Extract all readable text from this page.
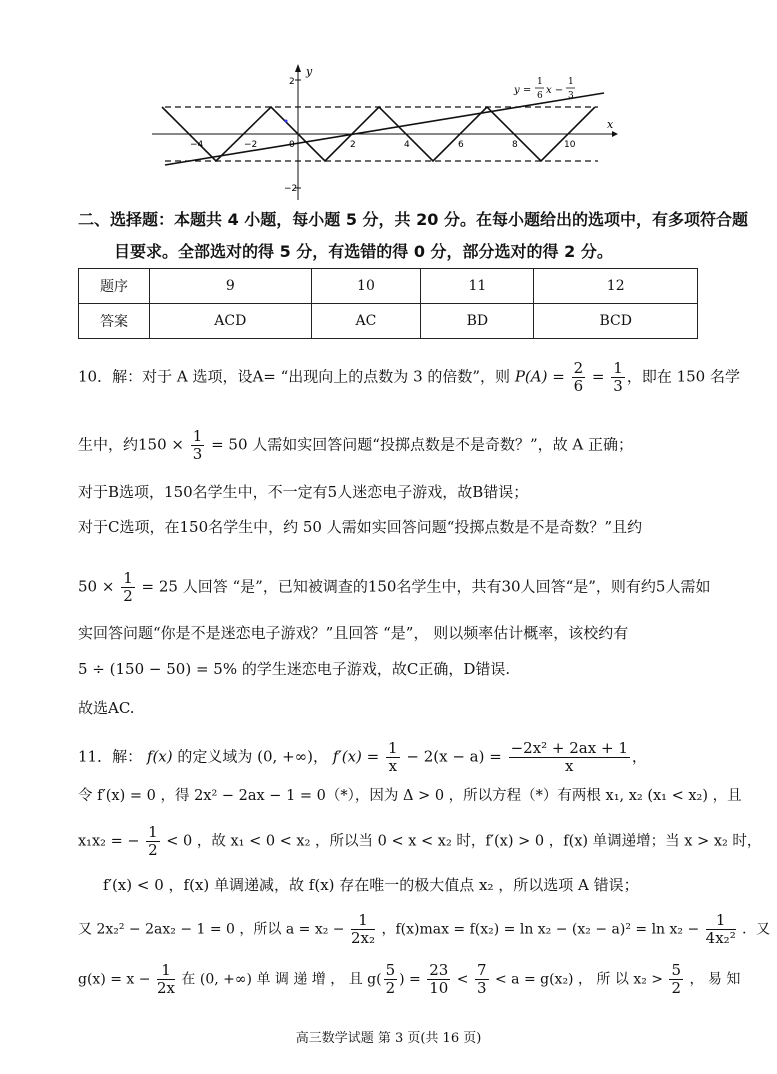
2
−2
y
x
−4	−2	0	2	4	6	8	10
y =
1
6 x −
1
3
二、选择题：本题共 4 小题，每小题 5 分，共 20 分。在每小题给出的选项中，有多项符合题
目要求。全部选对的得 5 分，有选错的得 0 分，部分选对的得 2 分。
题序	9	10	11	12
答案	ACD	AC	BD	BCD
10．解：对于 A 选项，设A= “出现向上的点数为 3 的倍数”，则 $P(A) = \frac{2}{6} = \frac{1}{3}$ ，即在 150 名学
生中，约$150 \times \frac{1}{3} = 50$ 人需如实回答问题“投掷点数是不是奇数？”，故 A 正确；
对于B选项，150名学生中，不一定有5人迷恋电子游戏，故B错误；
对于C选项，在150名学生中，约 50 人需如实回答问题“投掷点数是不是奇数？”且约
$50 \times \frac{1}{2} = 25$ 人回答 “是”，已知被调查的150名学生中，共有30人回答“是”，则有约5人需如
实回答问题“你是不是迷恋电子游戏？”且回答 “是”， 则以频率估计概率，该校约有
5 ÷ (150 − 50) = 5% 的学生迷恋电子游戏，故C正确，D错误.
故选AC.
11．解： f(x) 的定义域为 (0, +∞)， $f'(x) = \frac{1}{x} - 2(x - a) = \frac{\text{−2x² + 2ax + 1}}{x}$ ，
令 f′(x) = 0 ，得 2x² − 2ax − 1 = 0（*），因为 Δ > 0 ，所以方程（*）有两根 x₁, x₂ (x₁ < x₂) ，且
x₁x₂ = − $\frac{1}{2} < 0$ ，故 x₁ < 0 < x₂ ，所以当 0 < x < x₂ 时，f′(x) > 0 ，f(x) 单调递增；当 x > x₂ 时，
f′(x) < 0 ，f(x) 单调递减，故 f(x) 存在唯一的极大值点 x₂ ，所以选项 A 错误；
又 2x₂² − 2ax₂ − 1 = 0 ，所以 $a = x_2 - \frac{1}{\text{2x₂}}$ ，$f(x)\max = f(x_2) = \ln x_2 - (x_2 - a)^2 = \ln x_2 - \frac{1}{\text{4x₂²}}$ ．又
$g(x) = x - \frac{1}{2x}$ 在 (0, +∞) 单 调 递 增 ， 且 $g( \frac{5}{2}$ ) = $\frac{23}{10} < \frac{7}{3} < a = g(x_2)$ ， 所 以 $x_2 > \frac{5}{2}$ ， 易 知
高三数学试题 第 3 页(共 16 页)
